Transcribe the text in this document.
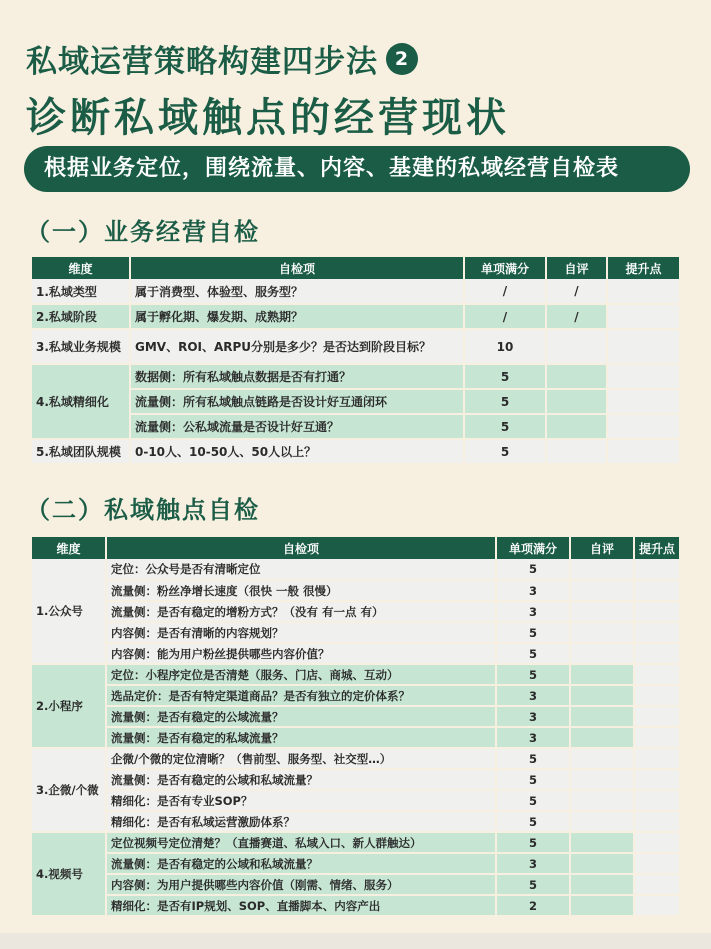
私域运营策略构建四步法 2
诊断私域触点的经营现状
根据业务定位，围绕流量、内容、基建的私域经营自检表
（一）业务经营自检
维度	自检项	单项满分	自评	提升点
1.私域类型	属于消费型、体验型、服务型？	/	/	
2.私域阶段	属于孵化期、爆发期、成熟期？	/	/	
3.私域业务规模	GMV、ROI、ARPU分别是多少？是否达到阶段目标？	10		
4.私域精细化	数据侧：所有私域触点数据是否有打通？	5		
	流量侧：所有私域触点链路是否设计好互通闭环	5		
	流量侧：公私域流量是否设计好互通？	5		
5.私域团队规模	0-10人、10-50人、50人以上？	5		
（二）私域触点自检
维度	自检项	单项满分	自评	提升点
1.公众号	定位：公众号是否有清晰定位	5		
	流量侧：粉丝净增长速度（很快 一般 很慢）	3		
	流量侧：是否有稳定的增粉方式？（没有 有一点 有）	3		
	内容侧：是否有清晰的内容规划？	5		
	内容侧：能为用户粉丝提供哪些内容价值？	5		
2.小程序	定位：小程序定位是否清楚（服务、门店、商城、互动）	5		
	选品定价：是否有特定渠道商品？是否有独立的定价体系？	3		
	流量侧：是否有稳定的公域流量？	3		
	流量侧：是否有稳定的私域流量？	3		
3.企微/个微	企微/个微的定位清晰？（售前型、服务型、社交型…）	5		
	流量侧：是否有稳定的公域和私域流量？	5		
	精细化：是否有专业SOP？	5		
	精细化：是否有私域运营激励体系？	5		
4.视频号	定位视频号定位清楚？（直播赛道、私域入口、新人群触达）	5		
	流量侧：是否有稳定的公域和私域流量？	3		
	内容侧：为用户提供哪些内容价值（刚需、情绪、服务）	5		
	精细化：是否有IP规划、SOP、直播脚本、内容产出	2		
